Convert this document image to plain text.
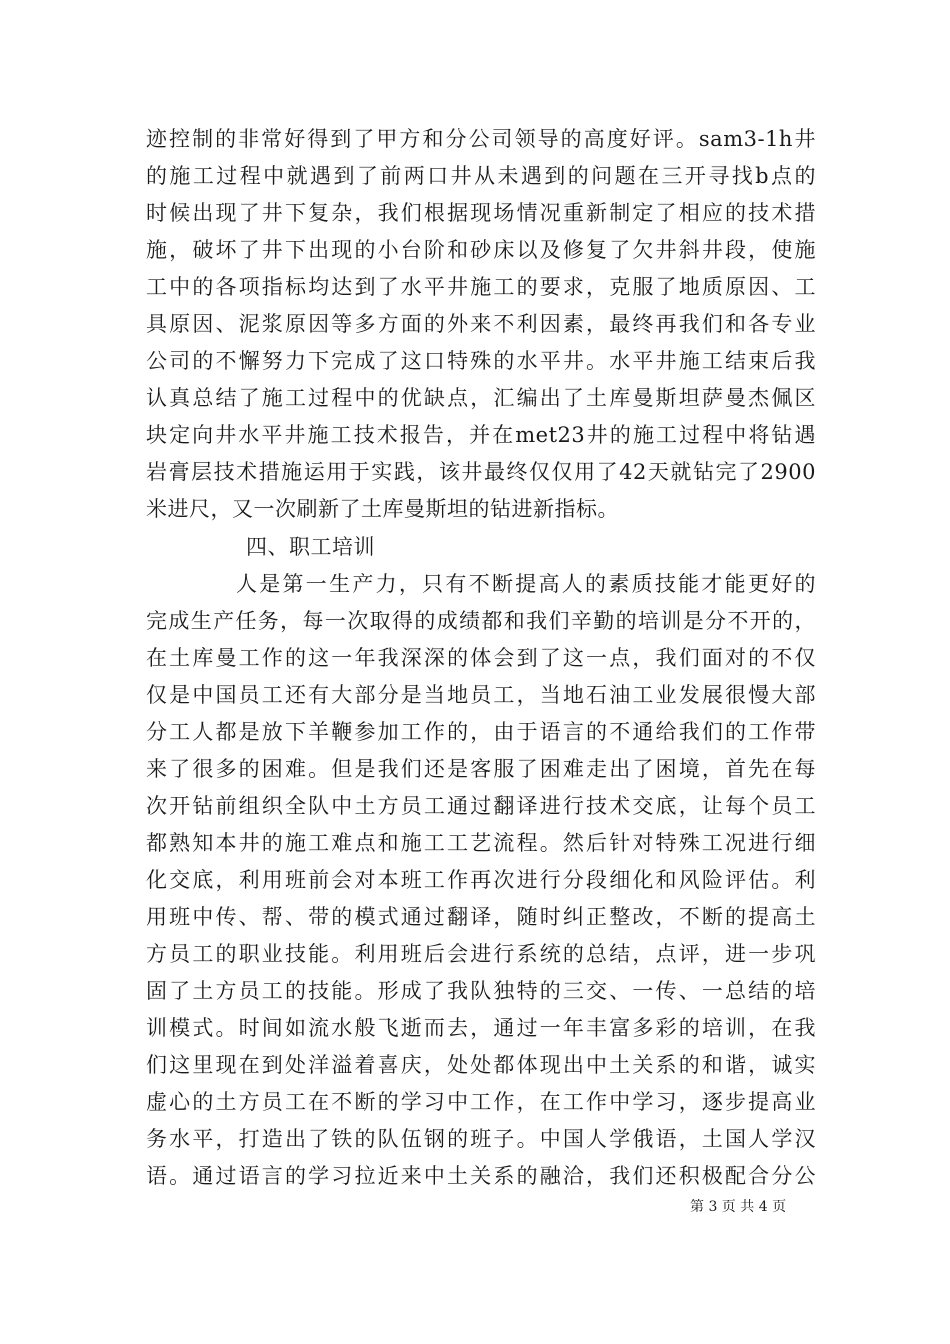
迹控制的非常好得到了甲方和分公司领导的高度好评。sam3-1h井
的施工过程中就遇到了前两口井从未遇到的问题在三开寻找b点的
时候出现了井下复杂，我们根据现场情况重新制定了相应的技术措
施，破坏了井下出现的小台阶和砂床以及修复了欠井斜井段，使施
工中的各项指标均达到了水平井施工的要求，克服了地质原因、工
具原因、泥浆原因等多方面的外来不利因素，最终再我们和各专业
公司的不懈努力下完成了这口特殊的水平井。水平井施工结束后我
认真总结了施工过程中的优缺点，汇编出了土库曼斯坦萨曼杰佩区
块定向井水平井施工技术报告，并在met23井的施工过程中将钻遇
岩膏层技术措施运用于实践，该井最终仅仅用了42天就钻完了2900
米进尺，又一次刷新了土库曼斯坦的钻进新指标。
四、职工培训
人是第一生产力，只有不断提高人的素质技能才能更好的
完成生产任务，每一次取得的成绩都和我们辛勤的培训是分不开的，
在土库曼工作的这一年我深深的体会到了这一点，我们面对的不仅
仅是中国员工还有大部分是当地员工，当地石油工业发展很慢大部
分工人都是放下羊鞭参加工作的，由于语言的不通给我们的工作带
来了很多的困难。但是我们还是客服了困难走出了困境，首先在每
次开钻前组织全队中土方员工通过翻译进行技术交底，让每个员工
都熟知本井的施工难点和施工工艺流程。然后针对特殊工况进行细
化交底，利用班前会对本班工作再次进行分段细化和风险评估。利
用班中传、帮、带的模式通过翻译，随时纠正整改，不断的提高土
方员工的职业技能。利用班后会进行系统的总结，点评，进一步巩
固了土方员工的技能。形成了我队独特的三交、一传、一总结的培
训模式。时间如流水般飞逝而去，通过一年丰富多彩的培训，在我
们这里现在到处洋溢着喜庆，处处都体现出中土关系的和谐，诚实
虚心的土方员工在不断的学习中工作，在工作中学习，逐步提高业
务水平，打造出了铁的队伍钢的班子。中国人学俄语，土国人学汉
语。通过语言的学习拉近来中土关系的融洽，我们还积极配合分公
第 3 页 共 4 页
